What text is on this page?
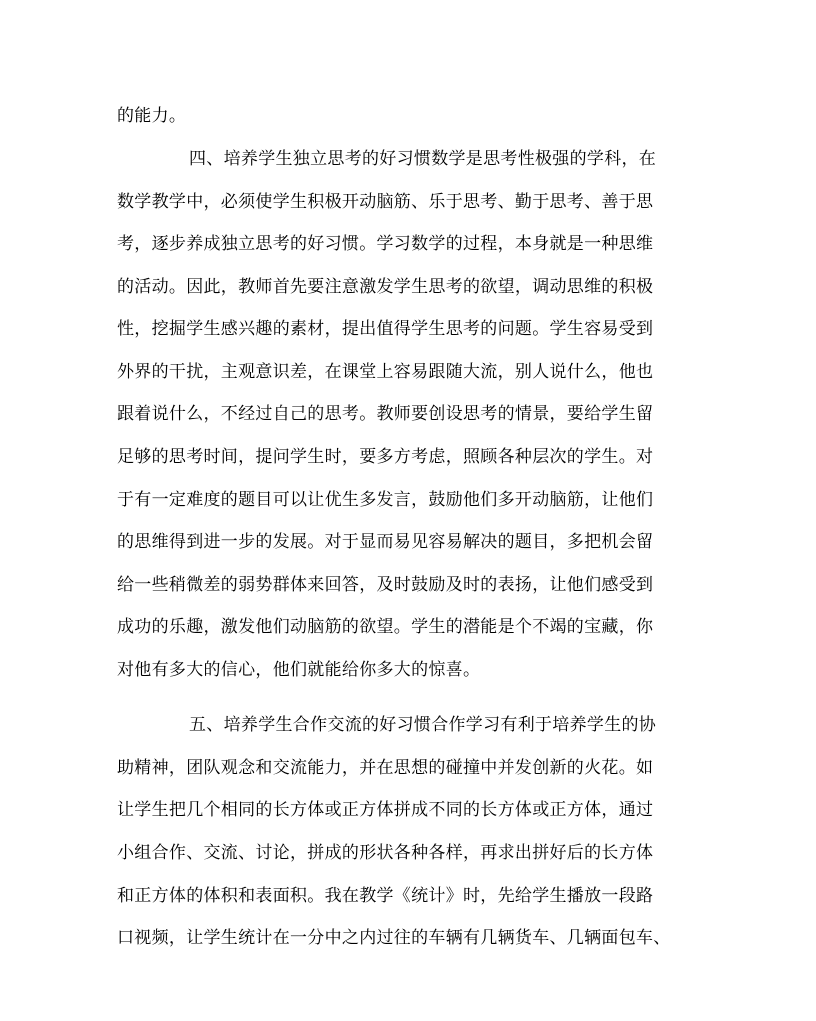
的能力。
四、培养学生独立思考的好习惯数学是思考性极强的学科，在
数学教学中，必须使学生积极开动脑筋、乐于思考、勤于思考、善于思
考，逐步养成独立思考的好习惯。学习数学的过程，本身就是一种思维
的活动。因此，教师首先要注意激发学生思考的欲望，调动思维的积极
性，挖掘学生感兴趣的素材，提出值得学生思考的问题。学生容易受到
外界的干扰，主观意识差，在课堂上容易跟随大流，别人说什么，他也
跟着说什么，不经过自己的思考。教师要创设思考的情景，要给学生留
足够的思考时间，提问学生时，要多方考虑，照顾各种层次的学生。对
于有一定难度的题目可以让优生多发言，鼓励他们多开动脑筋，让他们
的思维得到进一步的发展。对于显而易见容易解决的题目，多把机会留
给一些稍微差的弱势群体来回答，及时鼓励及时的表扬，让他们感受到
成功的乐趣，激发他们动脑筋的欲望。学生的潜能是个不竭的宝藏，你
对他有多大的信心，他们就能给你多大的惊喜。
五、培养学生合作交流的好习惯合作学习有利于培养学生的协
助精神，团队观念和交流能力，并在思想的碰撞中并发创新的火花。如
让学生把几个相同的长方体或正方体拼成不同的长方体或正方体，通过
小组合作、交流、讨论，拼成的形状各种各样，再求出拼好后的长方体
和正方体的体积和表面积。我在教学《统计》时，先给学生播放一段路
口视频，让学生统计在一分中之内过往的车辆有几辆货车、几辆面包车、
